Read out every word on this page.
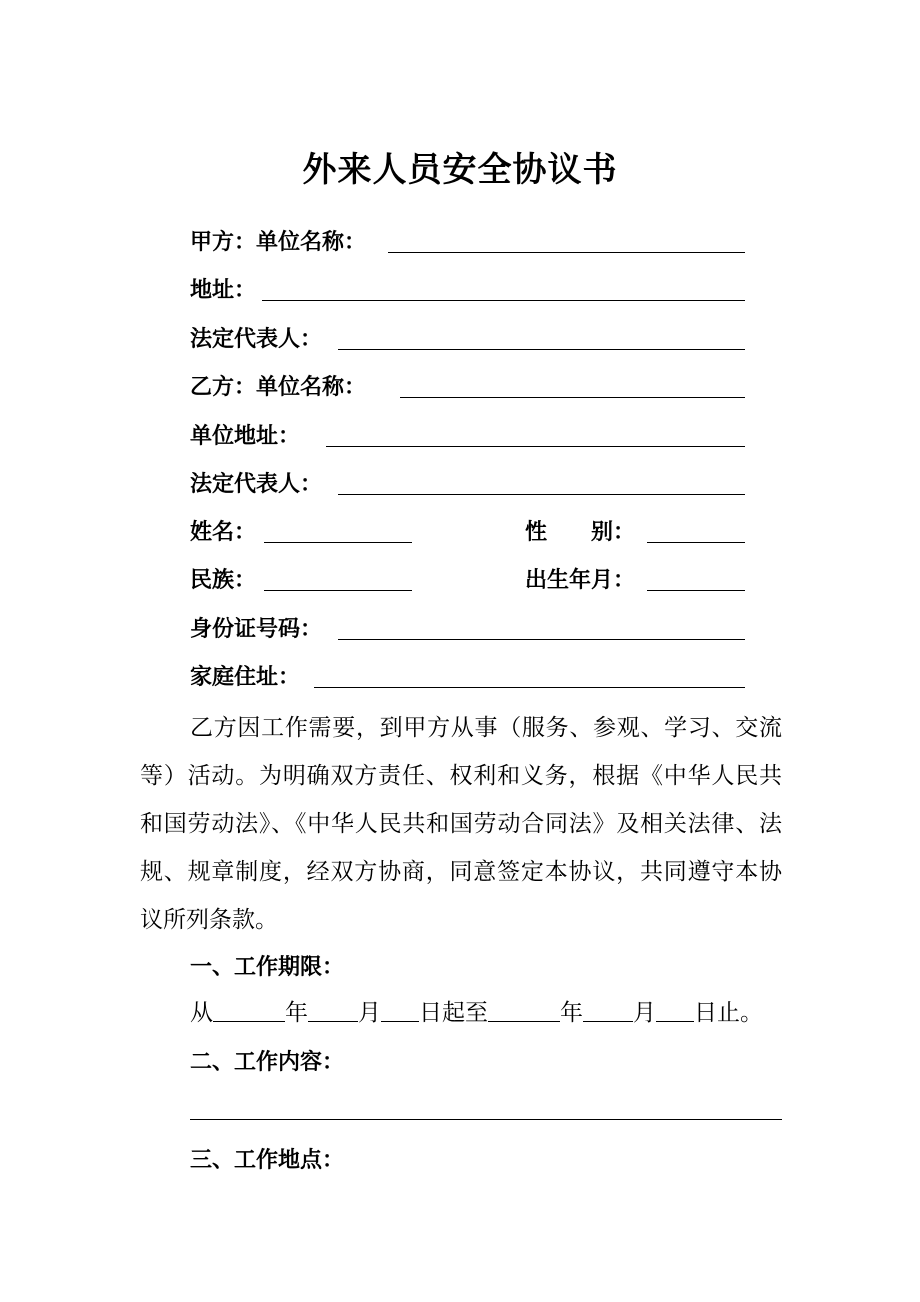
外来人员安全协议书
甲方：单位名称：
地址：
法定代表人：
乙方：单位名称：
单位地址：
法定代表人：
姓名：	性　　别：
民族：	出生年月：
身份证号码：
家庭住址：
乙方因工作需要，到甲方从事（服务、参观、学习、交流等）活动。为明确双方责任、权利和义务，根据《中华人民共和国劳动法》、《中华人民共和国劳动合同法》及相关法律、法规、规章制度，经双方协商，同意签定本协议，共同遵守本协议所列条款。
一、工作期限：
从	年 月 日起至	年 月 日止。
二、工作内容：
三、工作地点：
